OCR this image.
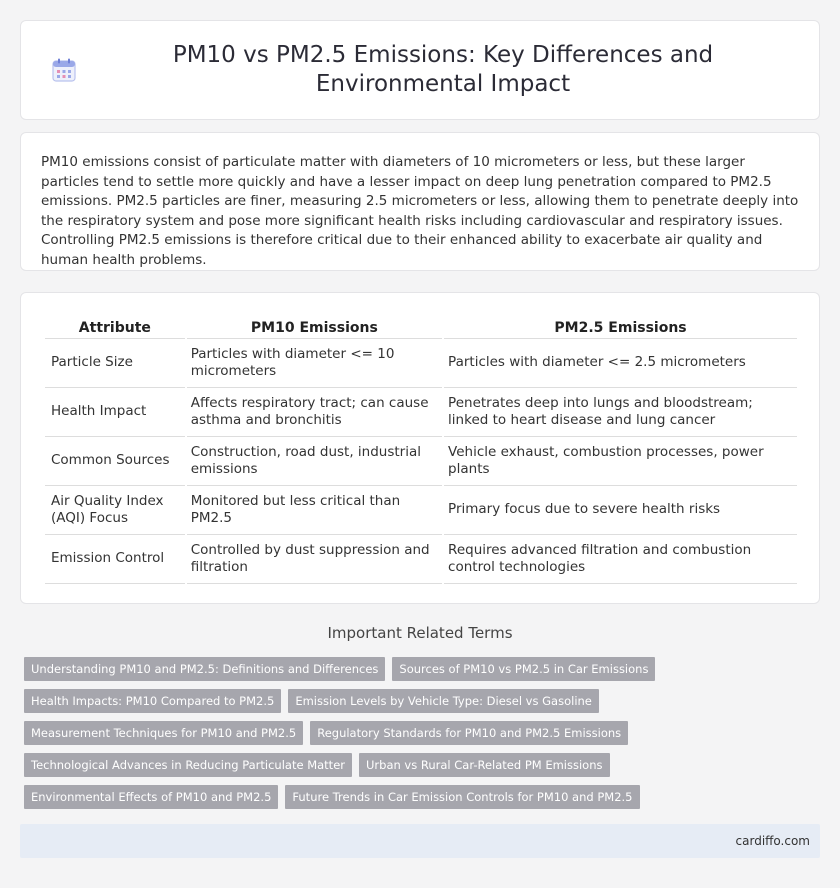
PM10 vs PM2.5 Emissions: Key Differences and Environmental Impact

PM10 emissions consist of particulate matter with diameters of 10 micrometers or less, but these larger particles tend to settle more quickly and have a lesser impact on deep lung penetration compared to PM2.5 emissions. PM2.5 particles are finer, measuring 2.5 micrometers or less, allowing them to penetrate deeply into the respiratory system and pose more significant health risks including cardiovascular and respiratory issues. Controlling PM2.5 emissions is therefore critical due to their enhanced ability to exacerbate air quality and human health problems.

Attribute	PM10 Emissions	PM2.5 Emissions
Particle Size	Particles with diameter <= 10 micrometers	Particles with diameter <= 2.5 micrometers
Health Impact	Affects respiratory tract; can cause asthma and bronchitis	Penetrates deep into lungs and bloodstream; linked to heart disease and lung cancer
Common Sources	Construction, road dust, industrial emissions	Vehicle exhaust, combustion processes, power plants
Air Quality Index (AQI) Focus	Monitored but less critical than PM2.5	Primary focus due to severe health risks
Emission Control	Controlled by dust suppression and filtration	Requires advanced filtration and combustion control technologies
Important Related Terms
Understanding PM10 and PM2.5: Definitions and Differences	Sources of PM10 vs PM2.5 in Car Emissions
Health Impacts: PM10 Compared to PM2.5	Emission Levels by Vehicle Type: Diesel vs Gasoline
Measurement Techniques for PM10 and PM2.5	Regulatory Standards for PM10 and PM2.5 Emissions
Technological Advances in Reducing Particulate Matter	Urban vs Rural Car-Related PM Emissions
Environmental Effects of PM10 and PM2.5	Future Trends in Car Emission Controls for PM10 and PM2.5
cardiffo.com
